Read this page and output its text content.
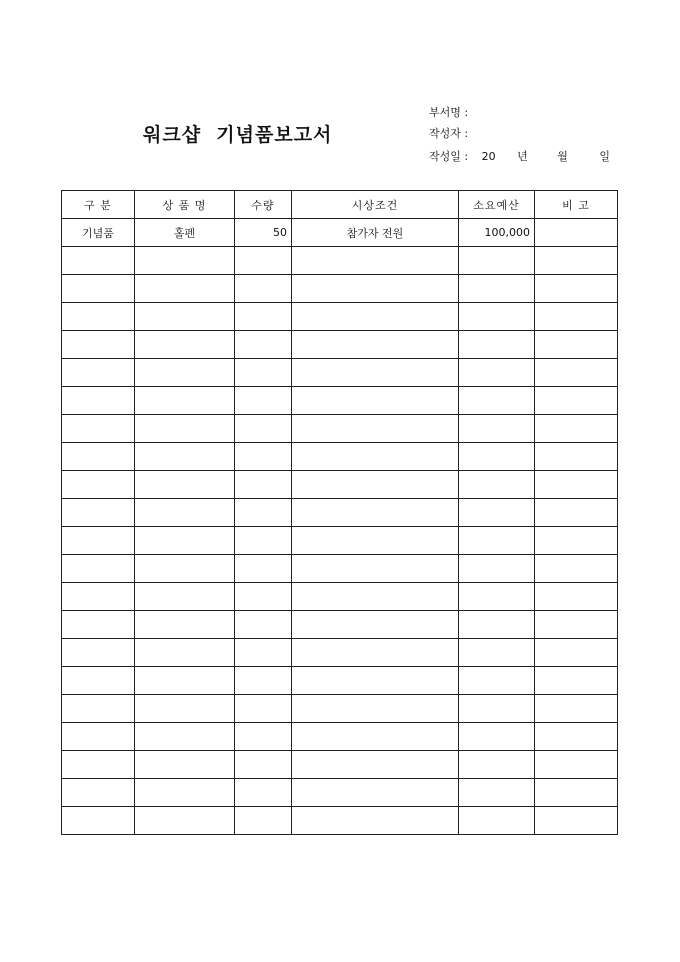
워크샵  기념품보고서
부서명 :
작성자 :
작성일 : 20 년	월	일
구 분	상 품 명	수량	시상조건	소요예산	비 고
기념품	홀펜	50	참가자 전원	100,000	
